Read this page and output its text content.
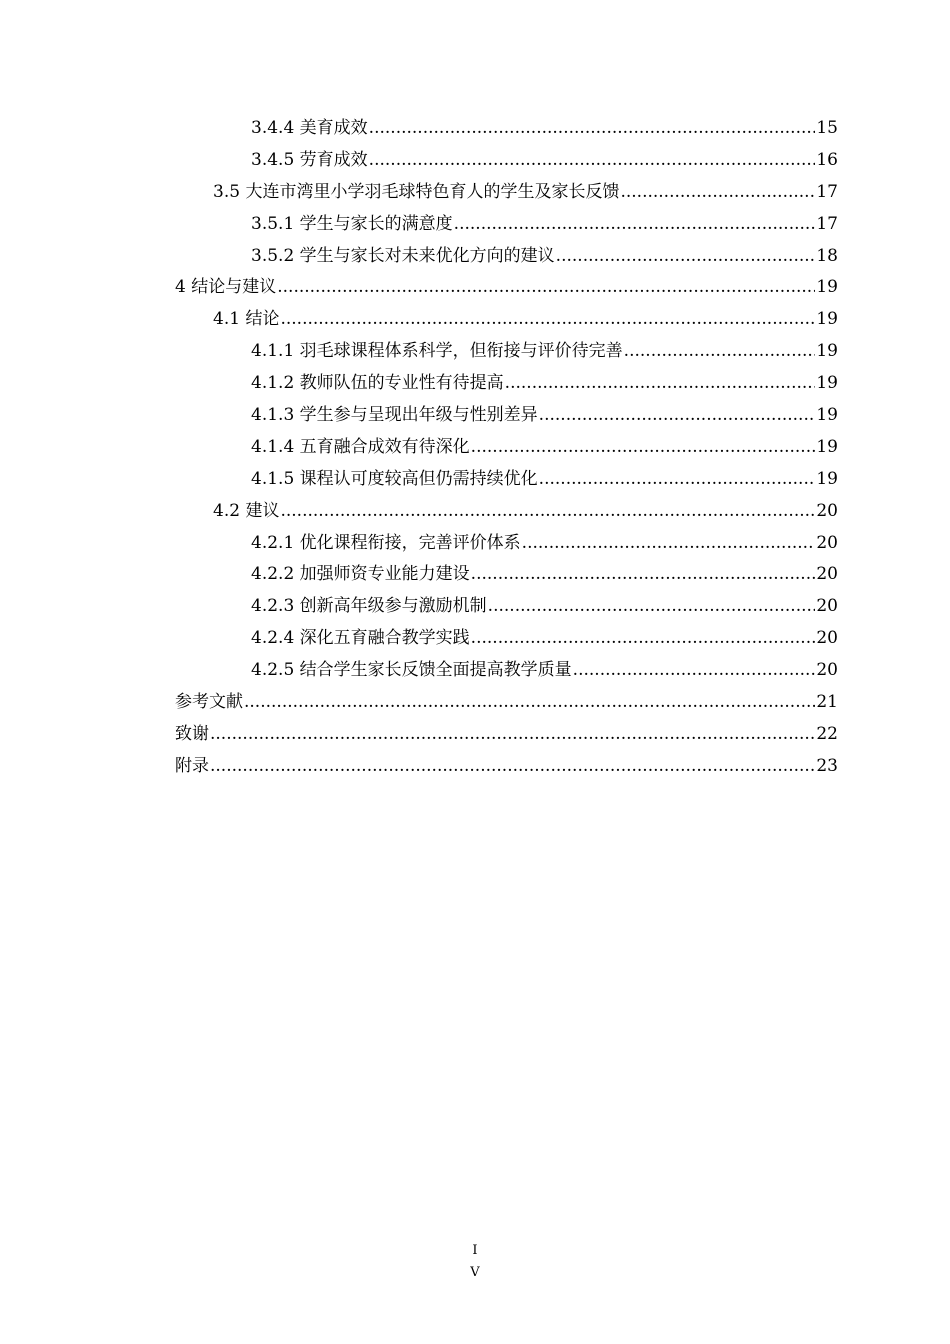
3.4.4 美育成效 .....	15
3.4.5 劳育成效 .....	16
3.5 大连市湾里小学羽毛球特色育人的学生及家长反馈 .....	17
3.5.1 学生与家长的满意度 .....	17
3.5.2 学生与家长对未来优化方向的建议 .....	18
4 结论与建议 .....	19
4.1 结论 .....	19
4.1.1 羽毛球课程体系科学，但衔接与评价待完善 .....	19
4.1.2 教师队伍的专业性有待提高 .....	19
4.1.3 学生参与呈现出年级与性别差异 .....	19
4.1.4 五育融合成效有待深化 .....	19
4.1.5 课程认可度较高但仍需持续优化 .....	19
4.2 建议 .....	20
4.2.1 优化课程衔接，完善评价体系 .....	20
4.2.2 加强师资专业能力建设 .....	20
4.2.3 创新高年级参与激励机制 .....	20
4.2.4 深化五育融合教学实践 .....	20
4.2.5 结合学生家长反馈全面提高教学质量 .....	20
参考文献 .....	21
致谢 .....	22
附录 .....	23
I
V
